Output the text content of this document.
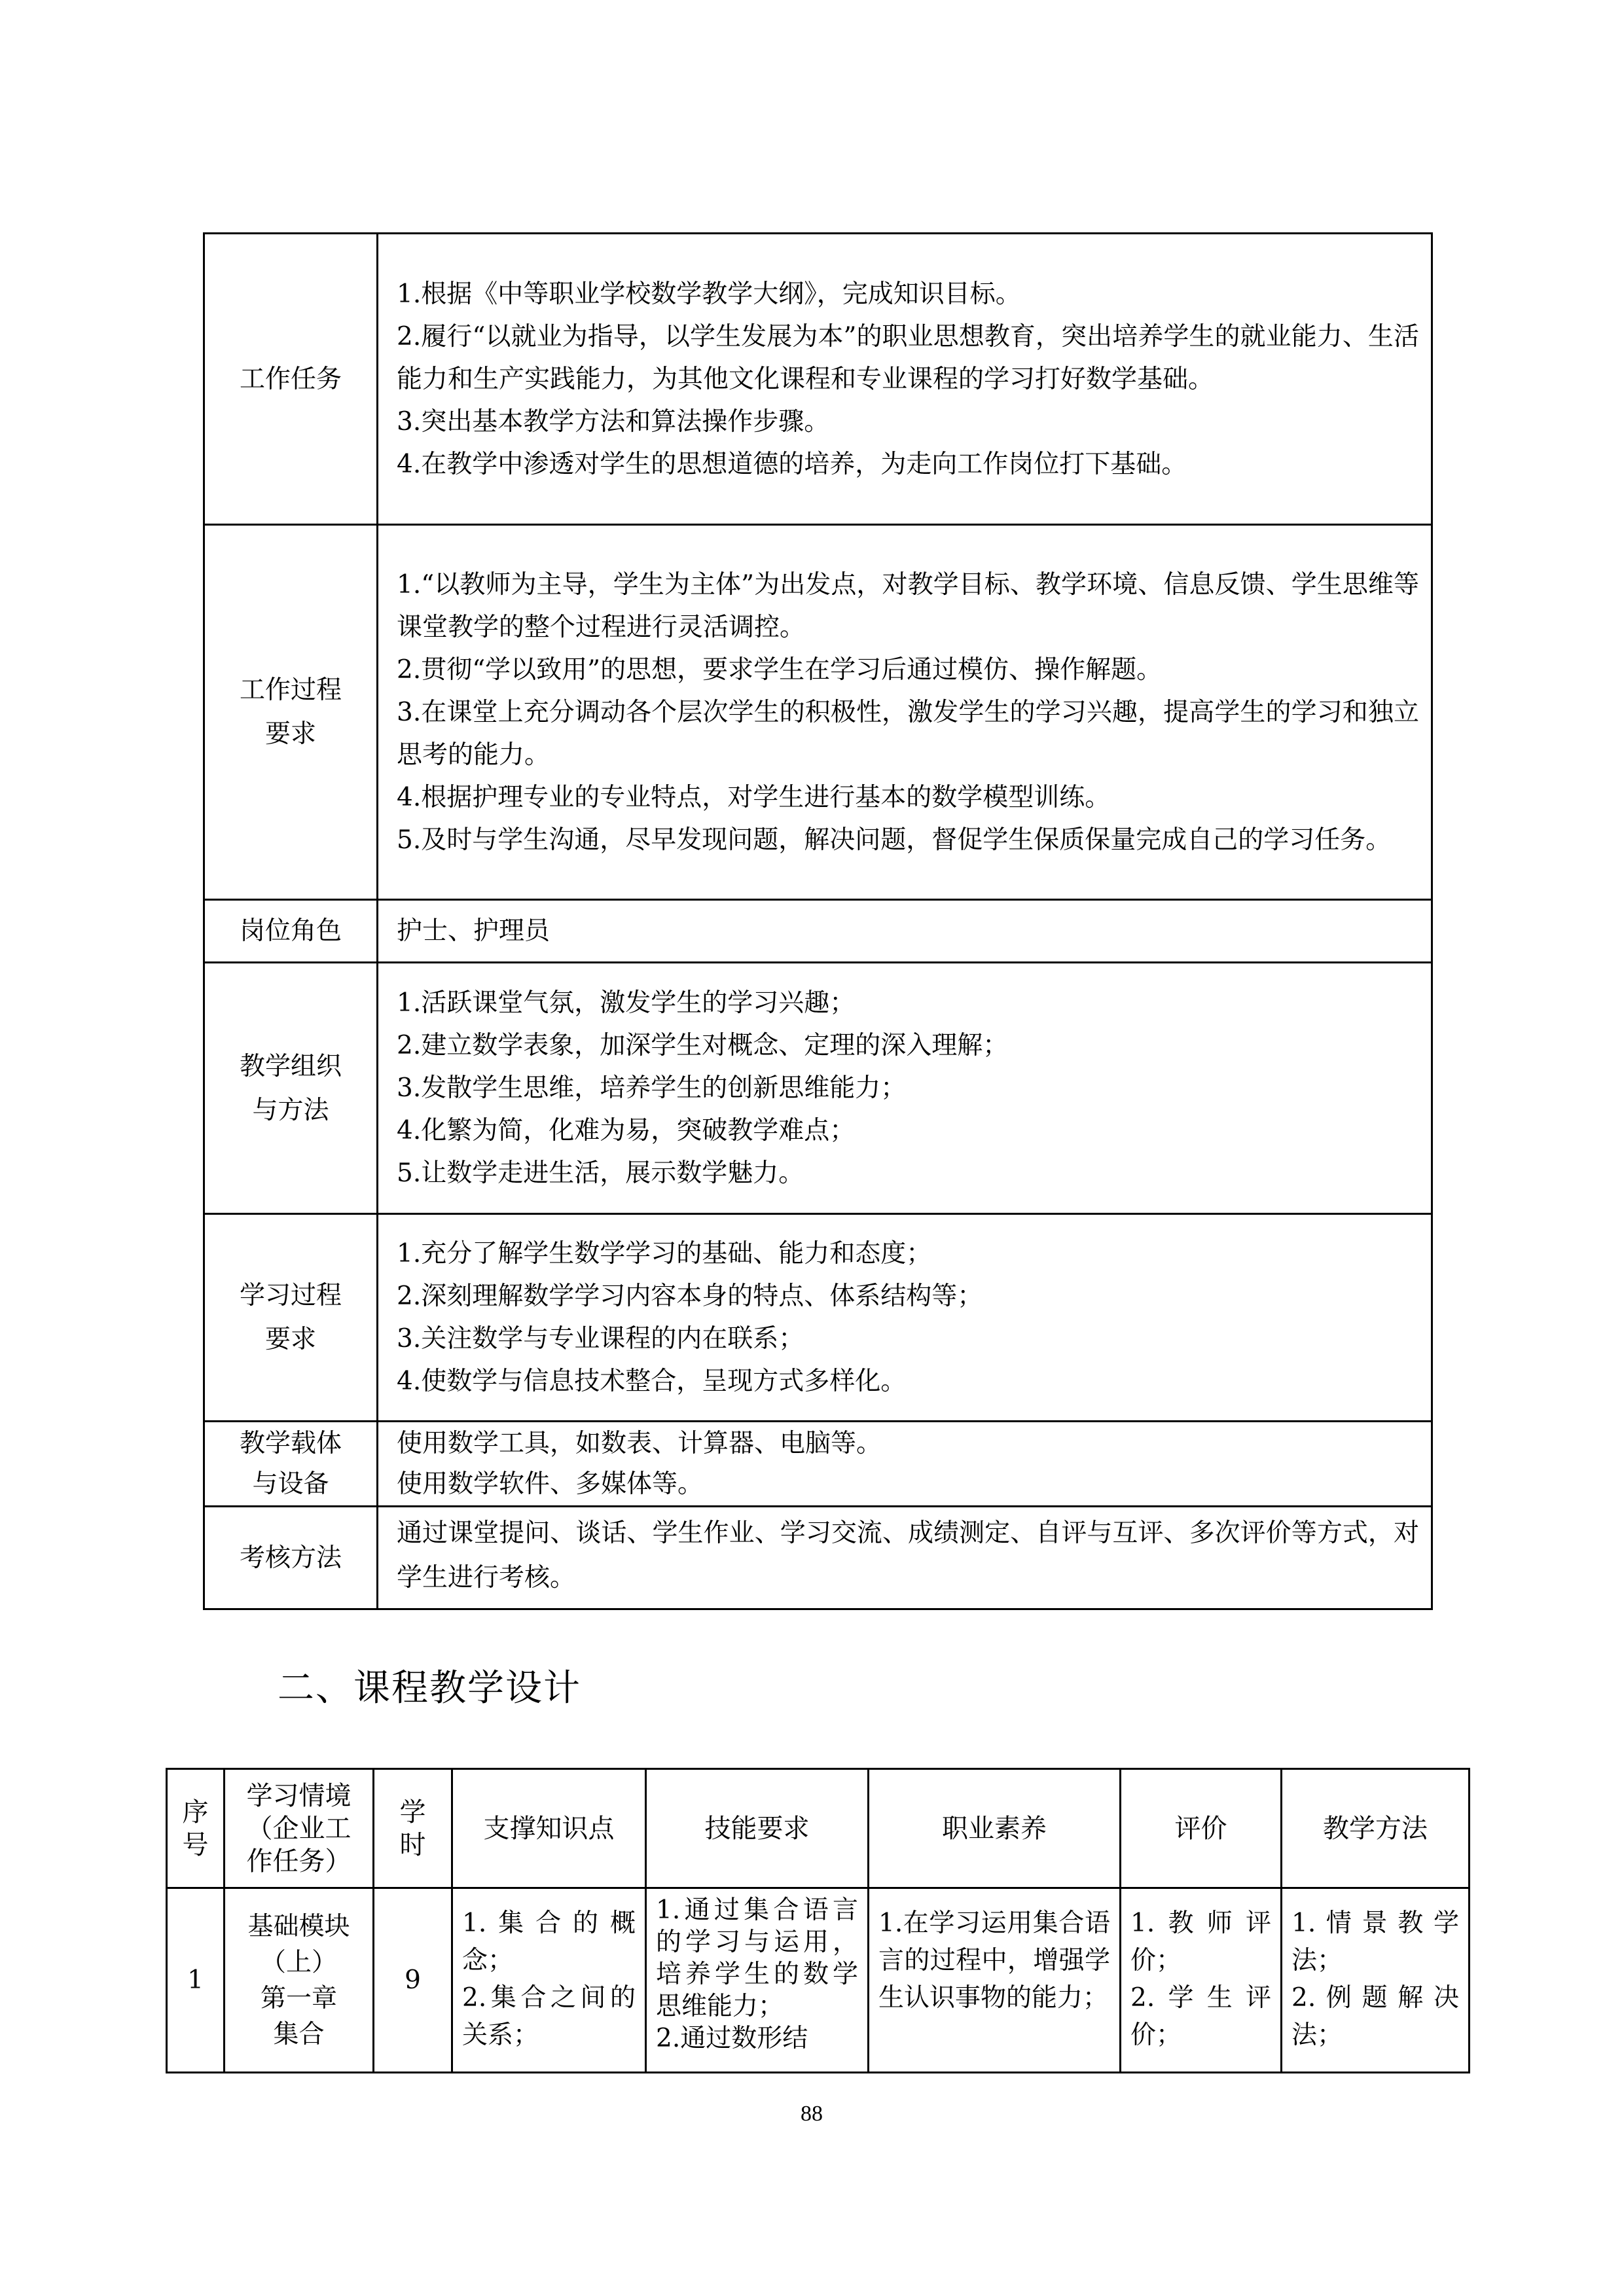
工作任务	1.根据《中等职业学校数学教学大纲》，完成知识目标。
2.履行“以就业为指导，以学生发展为本”的职业思想教育，突出培养学生的就业能力、生活能力和生产实践能力，为其他文化课程和专业课程的学习打好数学基础。
3.突出基本教学方法和算法操作步骤。
4.在教学中渗透对学生的思想道德的培养，为走向工作岗位打下基础。

工作过程
要求	1.“以教师为主导，学生为主体”为出发点，对教学目标、教学环境、信息反馈、学生思维等课堂教学的整个过程进行灵活调控。
2.贯彻“学以致用”的思想，要求学生在学习后通过模仿、操作解题。
3.在课堂上充分调动各个层次学生的积极性，激发学生的学习兴趣，提高学生的学习和独立思考的能力。
4.根据护理专业的专业特点，对学生进行基本的数学模型训练。
5.及时与学生沟通，尽早发现问题，解决问题，督促学生保质保量完成自己的学习任务。

岗位角色	护士、护理员

教学组织
与方法	1.活跃课堂气氛，激发学生的学习兴趣；
2.建立数学表象，加深学生对概念、定理的深入理解；
3.发散学生思维，培养学生的创新思维能力；
4.化繁为简，化难为易，突破教学难点；
5.让数学走进生活，展示数学魅力。

学习过程
要求	1.充分了解学生数学学习的基础、能力和态度；
2.深刻理解数学学习内容本身的特点、体系结构等；
3.关注数学与专业课程的内在联系；
4.使数学与信息技术整合，呈现方式多样化。

教学载体
与设备	使用数学工具，如数表、计算器、电脑等。
使用数学软件、多媒体等。

考核方法	通过课堂提问、谈话、学生作业、学习交流、成绩测定、自评与互评、多次评价等方式，对学生进行考核。
二、课程教学设计
序
号	学习情境
（企业工
作任务）	学
时	支撑知识点	技能要求	职业素养	评价	教学方法
1	基础模块
（上）
第一章
集合	9	1.集合的概念；
2.集合之间的关系；	1.通过集合语言的学习与运用，培养学生的数学思维能力；
2.通过数形结	1.在学习运用集合语言的过程中，增强学生认识事物的能力；	1.教师评价；
2.学生评价；	1.情景教学法；
2.例题解决法；
88
